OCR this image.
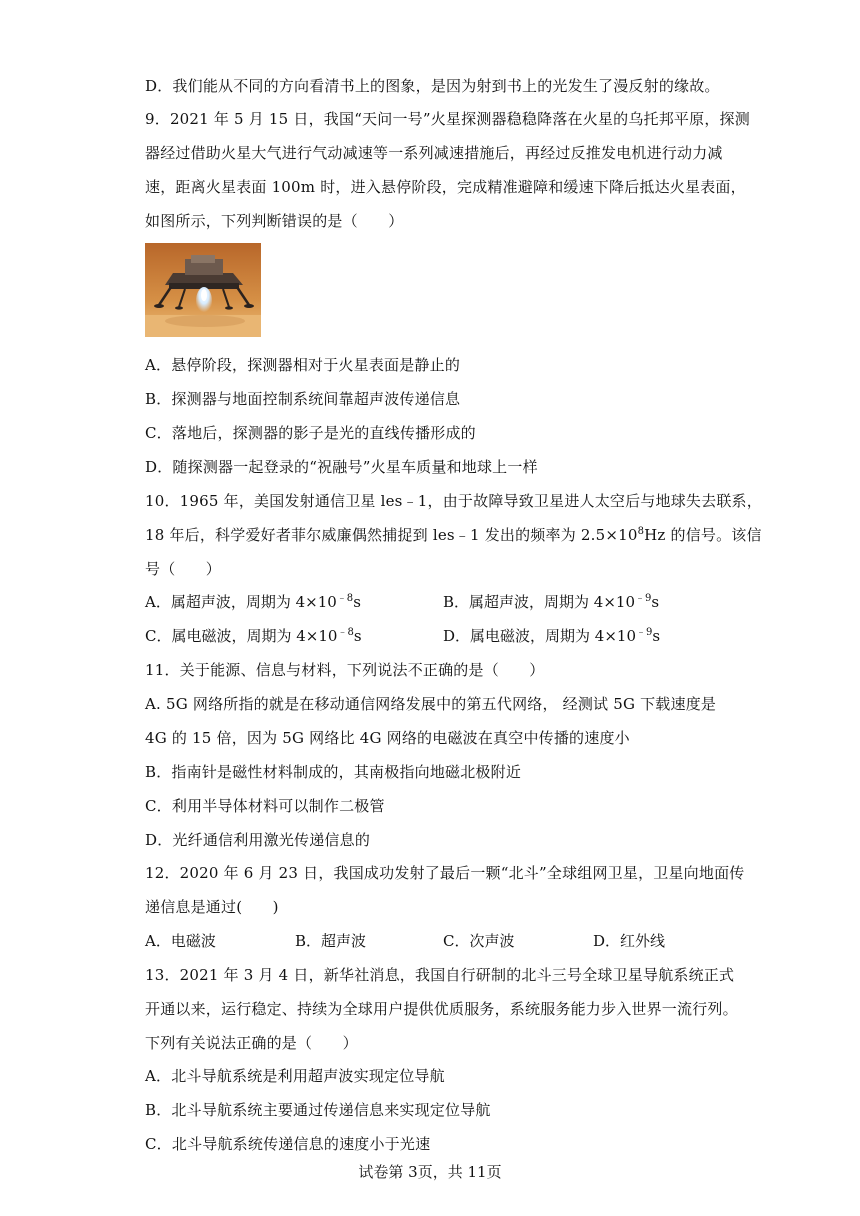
D．我们能从不同的方向看清书上的图象，是因为射到书上的光发生了漫反射的缘故。
9．2021 年 5 月 15 日，我国“天问一号”火星探测器稳稳降落在火星的乌托邦平原，探测
器经过借助火星大气进行气动减速等一系列减速措施后，再经过反推发电机进行动力减
速，距离火星表面 100m 时，进入悬停阶段，完成精准避障和缓速下降后抵达火星表面，
如图所示，下列判断错误的是（　　）
A．悬停阶段，探测器相对于火星表面是静止的
B．探测器与地面控制系统间靠超声波传递信息
C．落地后，探测器的影子是光的直线传播形成的
D．随探测器一起登录的“祝融号”火星车质量和地球上一样
10．1965 年，美国发射通信卫星 les﹣1，由于故障导致卫星进人太空后与地球失去联系，
18 年后，科学爱好者菲尔威廉偶然捕捉到 les﹣1 发出的频率为 $2.5\times 10^8Hz$ 的信号。该信
号（　　）
A．属超声波，周期为 $4\times 10^{﹣8}s$	B．属超声波，周期为 $4\times 10^{﹣9}s$
C．属电磁波，周期为 $4\times 10^{﹣8}s$	D．属电磁波，周期为 $4\times 10^{﹣9}s$
11．关于能源、信息与材料，下列说法不正确的是（　　）
A. 5G 网络所指的就是在移动通信网络发展中的第五代网络， 经测试 5G 下载速度是
4G 的 15 倍，因为 5G 网络比 4G 网络的电磁波在真空中传播的速度小
B．指南针是磁性材料制成的，其南极指向地磁北极附近
C．利用半导体材料可以制作二极管
D．光纤通信利用激光传递信息的
12．2020 年 6 月 23 日，我国成功发射了最后一颗“北斗”全球组网卫星，卫星向地面传
递信息是通过(　　)
A．电磁波	B．超声波	C．次声波	D．红外线
13．2021 年 3 月 4 日，新华社消息，我国自行研制的北斗三号全球卫星导航系统正式
开通以来，运行稳定、持续为全球用户提供优质服务，系统服务能力步入世界一流行列。
下列有关说法正确的是（　　）
A．北斗导航系统是利用超声波实现定位导航
B．北斗导航系统主要通过传递信息来实现定位导航
C．北斗导航系统传递信息的速度小于光速
试卷第 3页，共 11页
